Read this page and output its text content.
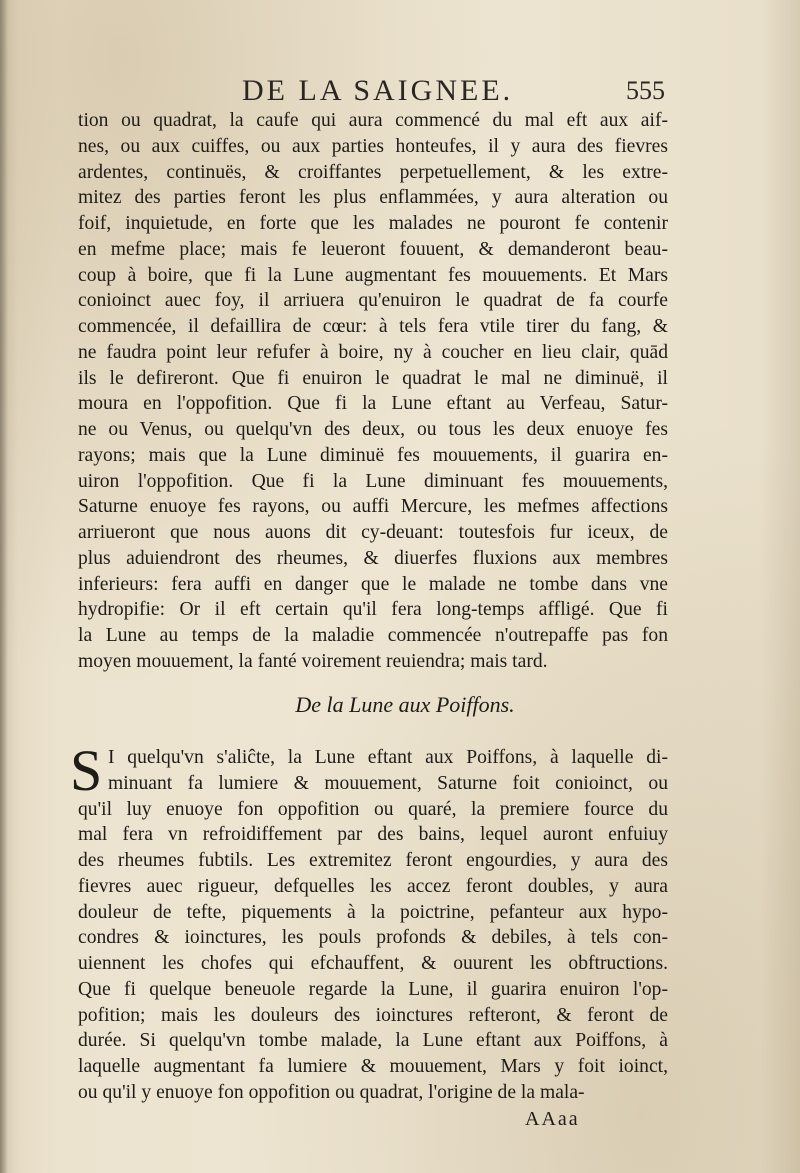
DE LA SAIGNEE.	555
tion ou quadrat, la caufe qui aura commencé du mal eft aux aif-
nes, ou aux cuiffes, ou aux parties honteufes, il y aura des fievres
ardentes, continuës, & croiffantes perpetuellement, & les extre-
mitez des parties feront les plus enflammées, y aura alteration ou
foif, inquietude, en forte que les malades ne pouront fe contenir
en mefme place; mais fe leueront fouuent, & demanderont beau-
coup à boire, que fi la Lune augmentant fes mouuements. Et Mars
conioinct auec foy, il arriuera qu'enuiron le quadrat de fa courfe
commencée, il defaillira de cœur: à tels fera vtile tirer du fang, &
ne faudra point leur refufer à boire, ny à coucher en lieu clair, quād
ils le defireront. Que fi enuiron le quadrat le mal ne diminuë, il
moura en l'oppofition. Que fi la Lune eftant au Verfeau, Satur-
ne ou Venus, ou quelqu'vn des deux, ou tous les deux enuoye fes
rayons; mais que la Lune diminuë fes mouuements, il guarira en-
uiron l'oppofition. Que fi la Lune diminuant fes mouuements,
Saturne enuoye fes rayons, ou auffi Mercure, les mefmes affections
arriueront que nous auons dit cy-deuant: toutesfois fur iceux, de
plus aduiendront des rheumes, & diuerfes fluxions aux membres
inferieurs: fera auffi en danger que le malade ne tombe dans vne
hydropifie: Or il eft certain qu'il fera long-temps affligé. Que fi
la Lune au temps de la maladie commencée n'outrepaffe pas fon
moyen mouuement, la fanté voirement reuiendra; mais tard.
De la Lune aux Poiffons.
S I quelqu'vn s'aliĉte, la Lune eftant aux Poiffons, à laquelle di-
minuant fa lumiere & mouuement, Saturne foit conioinct, ou
qu'il luy enuoye fon oppofition ou quaré, la premiere fource du
mal fera vn refroidiffement par des bains, lequel auront enfuiuy
des rheumes fubtils. Les extremitez feront engourdies, y aura des
fievres auec rigueur, defquelles les accez feront doubles, y aura
douleur de tefte, piquements à la poictrine, pefanteur aux hypo-
condres & ioinctures, les pouls profonds & debiles, à tels con-
uiennent les chofes qui efchauffent, & ouurent les obftructions.
Que fi quelque beneuole regarde la Lune, il guarira enuiron l'op-
pofition; mais les douleurs des ioinctures refteront, & feront de
durée. Si quelqu'vn tombe malade, la Lune eftant aux Poiffons, à
laquelle augmentant fa lumiere & mouuement, Mars y foit ioinct,
ou qu'il y enuoye fon oppofition ou quadrat, l'origine de la mala-
AAaa
